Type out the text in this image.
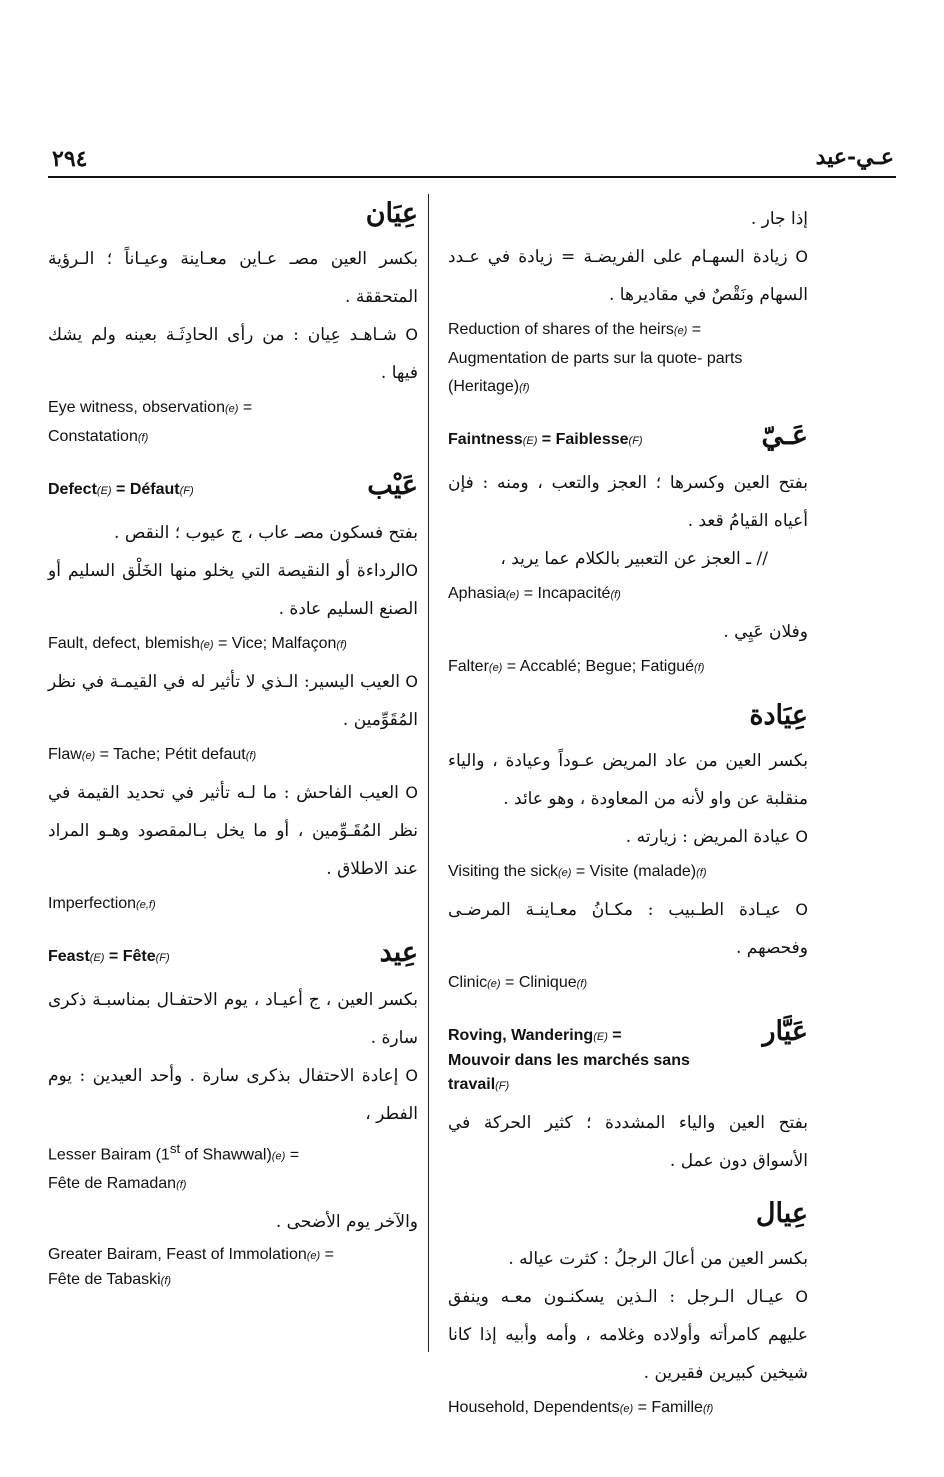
٢٩٤	عـي-عيد
عِيَان
بكسر العين مصـ عـاين معـاينة وعيـاناً ؛ الـرؤية المتحققة .
O شـاهـد عِيان : من رأى الحادِثَـة بعينه ولم يشك فيها .
Eye witness, observation(e) =
Constatation(f)
Defect(E) = Défaut(F)	عَيْب
بفتح فسكون مصـ عاب ، ج عيوب ؛ النقص .
Oالرداءة أو النقيصة التي يخلو منها الخَلْق السليم أو الصنع السليم عادة .
Fault, defect, blemish(e) = Vice; Malfaçon(f)
O العيب اليسير: الـذي لا تأثير له في القيمـة في نظر المُقَوِّمين .
Flaw(e) = Tache; Pétit defaut(f)
O العيب الفاحش : ما لـه تأثير في تحديد القيمة في نظر المُقَـوِّمين ، أو ما يخل بـالمقصود وهـو المراد عند الاطلاق .
Imperfection(e,f)
Feast(E) = Fête(F)	عِيد
بكسر العين ، ج أعيـاد ، يوم الاحتفـال بمناسبـة ذكرى سارة .
O إعادة الاحتفال بذكرى سارة . وأحد العيدين : يوم الفطر ،
Lesser Bairam (1st of Shawwal)(e) =
Fête de Ramadan(f)
والآخر يوم الأضحى .
Greater Bairam, Feast of Immolation(e) =
Fête de Tabaski(f)
إذا جار .
O زيادة السهـام على الفريضـة = زيادة في عـدد السهام ونَقْصٌ في مقاديرها .
Reduction of shares of the heirs(e) =
Augmentation de parts sur la quote- parts (Heritage)(f)
Faintness(E) = Faiblesse(F)	عَـيّ
بفتح العين وكسرها ؛ العجز والتعب ، ومنه : فإن أعياه القيامُ قعد .
// ـ العجز عن التعبير بالكلام عما يريد ،
Aphasia(e) = Incapacité(f)
وفلان عَيِي .
Falter(e) = Accablé; Begue; Fatigué(f)
عِيَادة
بكسر العين من عاد المريض عـوداً وعيادة ، والياء منقلبة عن واو لأنه من المعاودة ، وهو عائد .
O عيادة المريض : زيارته .
Visiting the sick(e) = Visite (malade)(f)
O عيـادة الطـبيب : مكـانُ معـاينـة المرضـى وفحصهم .
Clinic(e) = Clinique(f)
Roving, Wandering(E) =
Mouvoir dans les marchés sans travail(F)
عَيَّار
بفتح العين والياء المشددة ؛ كثير الحركة في الأسواق دون عمل .
عِيال
بكسر العين من أعالَ الرجلُ : كثرت عياله .
O عيـال الـرجل : الـذين يسكنـون معـه وينفق عليهم كامرأته وأولاده وغلامه ، وأمه وأبيه إذا كانا شيخين كبيرين فقيرين .
Household, Dependents(e) = Famille(f)
